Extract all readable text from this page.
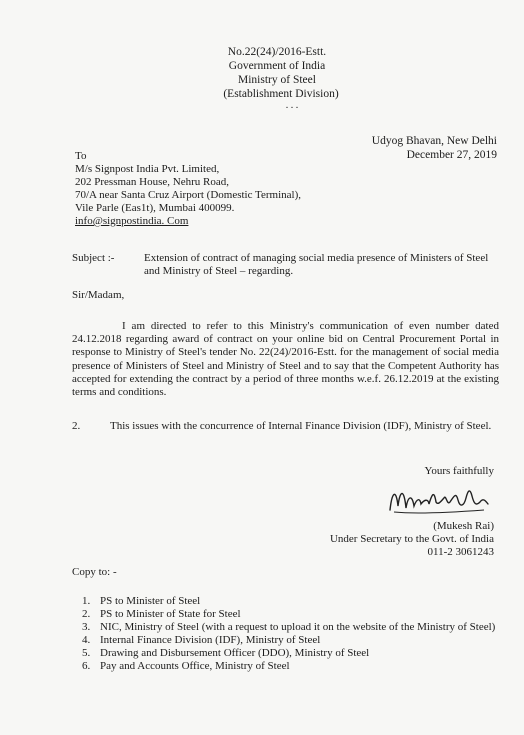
No.22(24)/2016-Estt.
Government of India
Ministry of Steel
(Establishment Division)
. . .
Udyog Bhavan, New Delhi
December 27, 2019
To
M/s Signpost India Pvt. Limited,
202 Pressman House, Nehru Road,
70/A near Santa Cruz Airport (Domestic Terminal),
Vile Parle (Eas1t), Mumbai 400099.
info@signpostindia. Com
Subject :-	Extension of contract of managing social media presence of Ministers of Steel and Ministry of Steel – regarding.
Sir/Madam,
I am directed to refer to this Ministry's communication of even number dated 24.12.2018 regarding award of contract on your online bid on Central Procurement Portal in response to Ministry of Steel's tender No. 22(24)/2016-Estt. for the management of social media presence of Ministers of Steel and Ministry of Steel and to say that the Competent Authority has accepted for extending the contract by a period of three months w.e.f. 26.12.2019 at the existing terms and conditions.
2.	This issues with the concurrence of Internal Finance Division (IDF), Ministry of Steel.
Yours faithfully
(Mukesh Rai)
Under Secretary to the Govt. of India
011-2 3061243
Copy to: -
1. PS to Minister of Steel
2. PS to Minister of State for Steel
3. NIC, Ministry of Steel (with a request to upload it on the website of the Ministry of Steel)
4. Internal Finance Division (IDF), Ministry of Steel
5. Drawing and Disbursement Officer (DDO), Ministry of Steel
6. Pay and Accounts Office, Ministry of Steel
